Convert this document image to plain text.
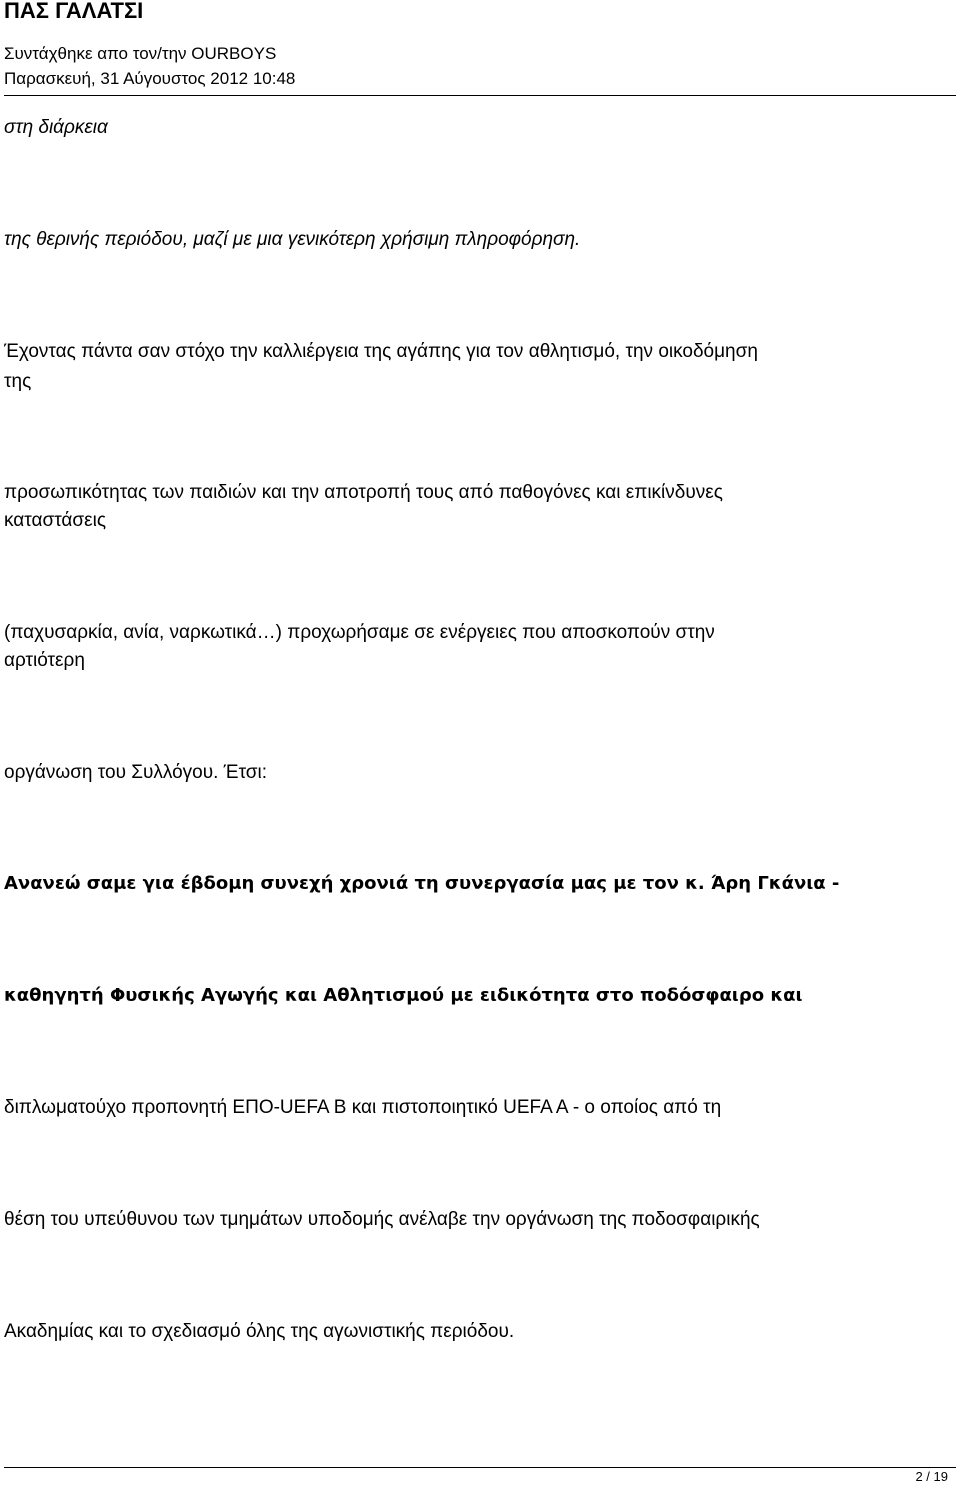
ΠΑΣ ΓΑΛΑΤΣΙ
Συντάχθηκε απο τον/την OURBOYS
Παρασκευή, 31 Αύγουστος 2012 10:48
στη διάρκεια
της θερινής περιόδου, μαζί με μια γενικότερη χρήσιμη πληροφόρηση.
Έχοντας πάντα σαν στόχο την καλλιέργεια της αγάπης για τον αθλητισμό, την οικοδόμηση
της
προσωπικότητας των παιδιών και την αποτροπή τους από παθογόνες και επικίνδυνες
καταστάσεις
(παχυσαρκία, ανία, ναρκωτικά…) προχωρήσαμε σε ενέργειες που αποσκοπούν στην
αρτιότερη
οργάνωση του Συλλόγου. Έτσι:
Ανανεώ σαμε για έβδομη συνεχή χρονιά τη συνεργασία μας με τον κ. Άρη Γκάνια -
καθηγητή Φυσικής Αγωγής και Αθλητισμού με ειδικότητα στο ποδόσφαιρο και
διπλωματούχο προπονητή ΕΠΟ-UEFA B και πιστοποιητικό UEFA A - ο οποίος από τη
θέση του υπεύθυνου των τμημάτων υποδομής ανέλαβε την οργάνωση της ποδοσφαιρικής
Ακαδημίας και το σχεδιασμό όλης της αγωνιστικής περιόδου.
2 / 19
